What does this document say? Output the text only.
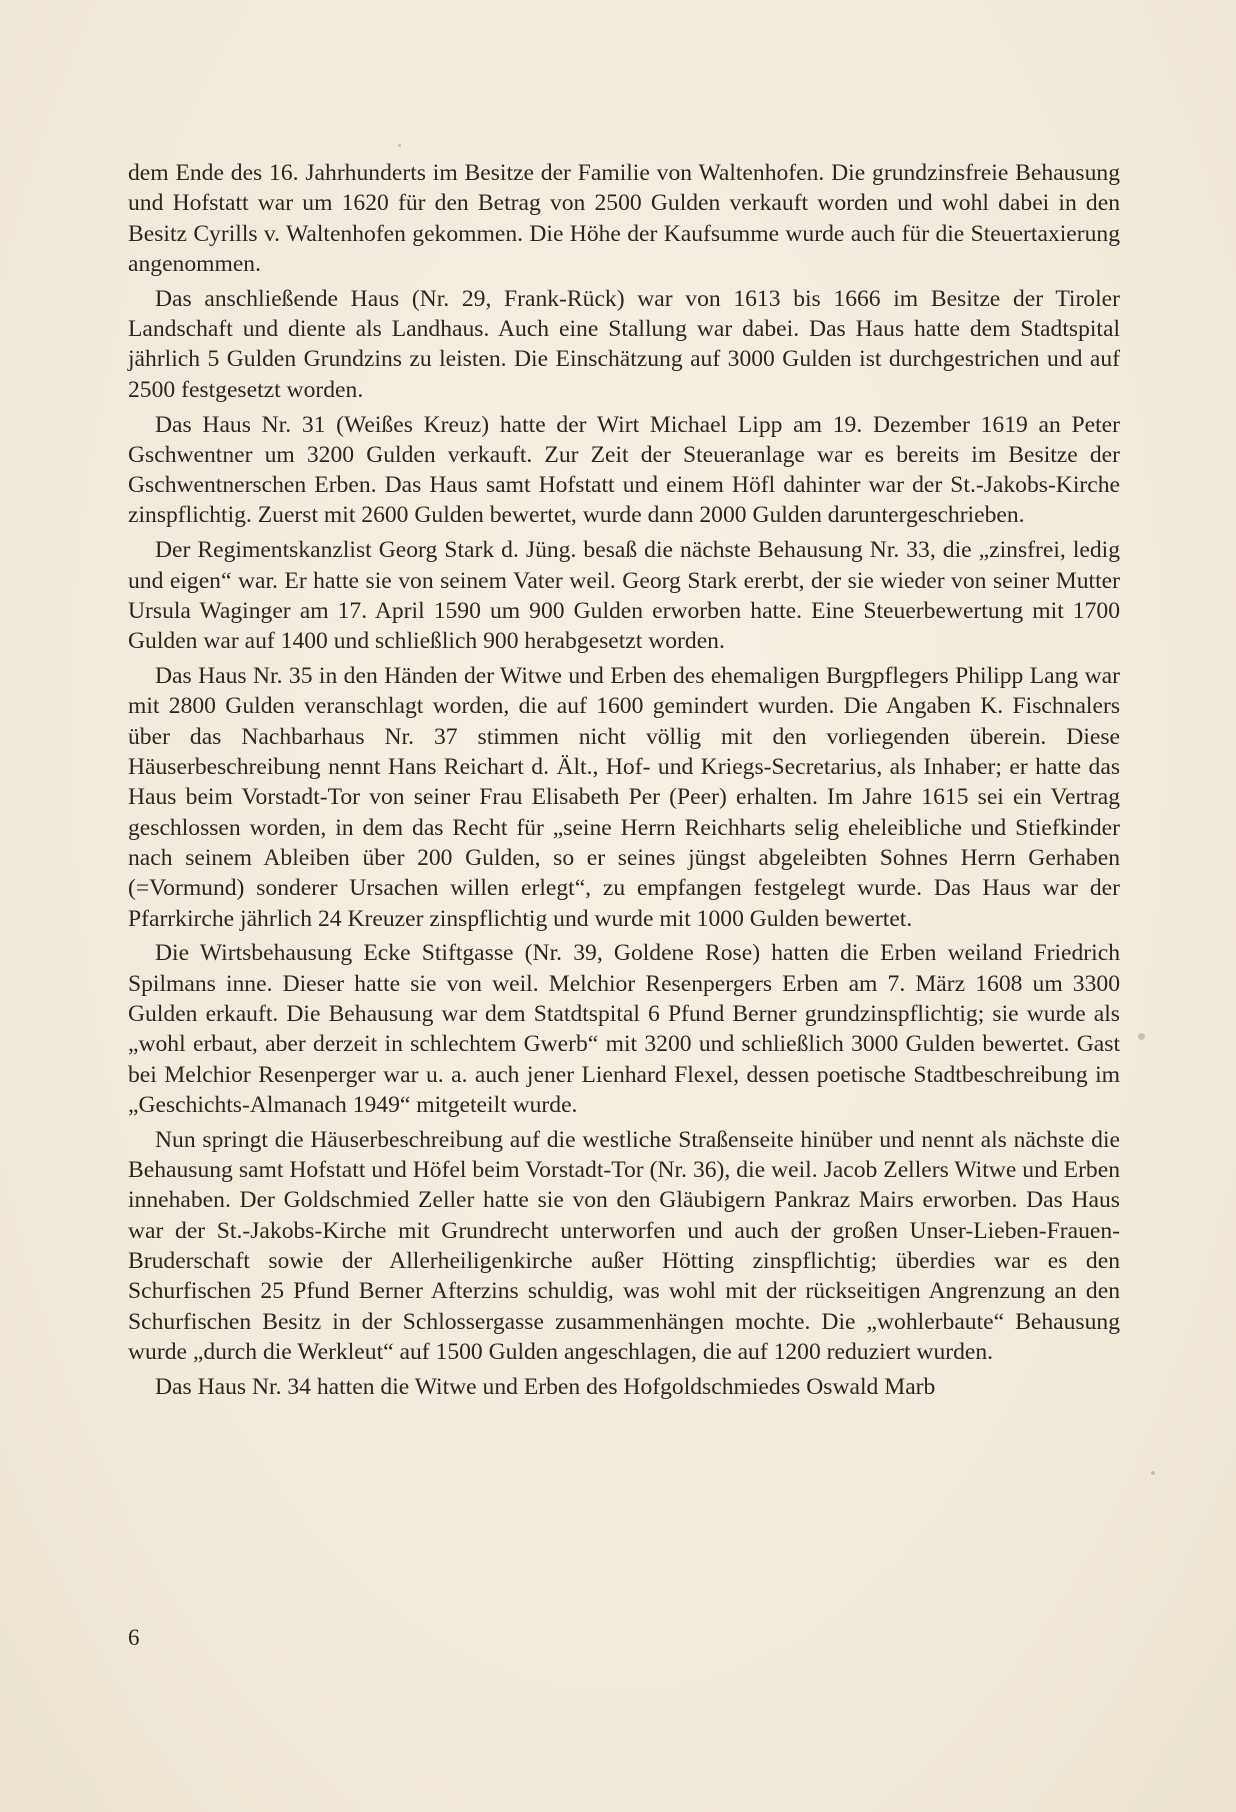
dem Ende des 16. Jahrhunderts im Besitze der Familie von Waltenhofen. Die grundzinsfreie Behausung und Hofstatt war um 1620 für den Betrag von 2500 Gulden verkauft worden und wohl dabei in den Besitz Cyrills v. Waltenhofen gekommen. Die Höhe der Kaufsumme wurde auch für die Steuertaxierung angenommen.

Das anschließende Haus (Nr. 29, Frank-Rück) war von 1613 bis 1666 im Besitze der Tiroler Landschaft und diente als Landhaus. Auch eine Stallung war dabei. Das Haus hatte dem Stadtspital jährlich 5 Gulden Grundzins zu leisten. Die Einschätzung auf 3000 Gulden ist durchgestrichen und auf 2500 festgesetzt worden.

Das Haus Nr. 31 (Weißes Kreuz) hatte der Wirt Michael Lipp am 19. Dezember 1619 an Peter Gschwentner um 3200 Gulden verkauft. Zur Zeit der Steueranlage war es bereits im Besitze der Gschwentnerschen Erben. Das Haus samt Hofstatt und einem Höfl dahinter war der St.-Jakobs-Kirche zinspflichtig. Zuerst mit 2600 Gulden bewertet, wurde dann 2000 Gulden daruntergeschrieben.

Der Regimentskanzlist Georg Stark d. Jüng. besaß die nächste Behausung Nr. 33, die „zinsfrei, ledig und eigen“ war. Er hatte sie von seinem Vater weil. Georg Stark ererbt, der sie wieder von seiner Mutter Ursula Waginger am 17. April 1590 um 900 Gulden erworben hatte. Eine Steuerbewertung mit 1700 Gulden war auf 1400 und schließlich 900 herabgesetzt worden.

Das Haus Nr. 35 in den Händen der Witwe und Erben des ehemaligen Burgpflegers Philipp Lang war mit 2800 Gulden veranschlagt worden, die auf 1600 gemindert wurden. Die Angaben K. Fischnalers über das Nachbarhaus Nr. 37 stimmen nicht völlig mit den vorliegenden überein. Diese Häuserbeschreibung nennt Hans Reichart d. Ält., Hof- und Kriegs-Secretarius, als Inhaber; er hatte das Haus beim Vorstadt-Tor von seiner Frau Elisabeth Per (Peer) erhalten. Im Jahre 1615 sei ein Vertrag geschlossen worden, in dem das Recht für „seine Herrn Reichharts selig eheleibliche und Stiefkinder nach seinem Ableiben über 200 Gulden, so er seines jüngst abgeleibten Sohnes Herrn Gerhaben (=Vormund) sonderer Ursachen willen erlegt“, zu empfangen festgelegt wurde. Das Haus war der Pfarrkirche jährlich 24 Kreuzer zinspflichtig und wurde mit 1000 Gulden bewertet.

Die Wirtsbehausung Ecke Stiftgasse (Nr. 39, Goldene Rose) hatten die Erben weiland Friedrich Spilmans inne. Dieser hatte sie von weil. Melchior Resenpergers Erben am 7. März 1608 um 3300 Gulden erkauft. Die Behausung war dem Statdtspital 6 Pfund Berner grundzinspflichtig; sie wurde als „wohl erbaut, aber derzeit in schlechtem Gwerb“ mit 3200 und schließlich 3000 Gulden bewertet. Gast bei Melchior Resenperger war u. a. auch jener Lienhard Flexel, dessen poetische Stadtbeschreibung im „Geschichts-Almanach 1949“ mitgeteilt wurde.

Nun springt die Häuserbeschreibung auf die westliche Straßenseite hinüber und nennt als nächste die Behausung samt Hofstatt und Höfel beim Vorstadt-Tor (Nr. 36), die weil. Jacob Zellers Witwe und Erben innehaben. Der Goldschmied Zeller hatte sie von den Gläubigern Pankraz Mairs erworben. Das Haus war der St.-Jakobs-Kirche mit Grundrecht unterworfen und auch der großen Unser-Lieben-Frauen-Bruderschaft sowie der Allerheiligenkirche außer Hötting zinspflichtig; überdies war es den Schurfischen 25 Pfund Berner Afterzins schuldig, was wohl mit der rückseitigen Angrenzung an den Schurfischen Besitz in der Schlossergasse zusammenhängen mochte. Die „wohlerbaute“ Behausung wurde „durch die Werkleut“ auf 1500 Gulden angeschlagen, die auf 1200 reduziert wurden.

Das Haus Nr. 34 hatten die Witwe und Erben des Hofgoldschmiedes Oswald Marb

6
